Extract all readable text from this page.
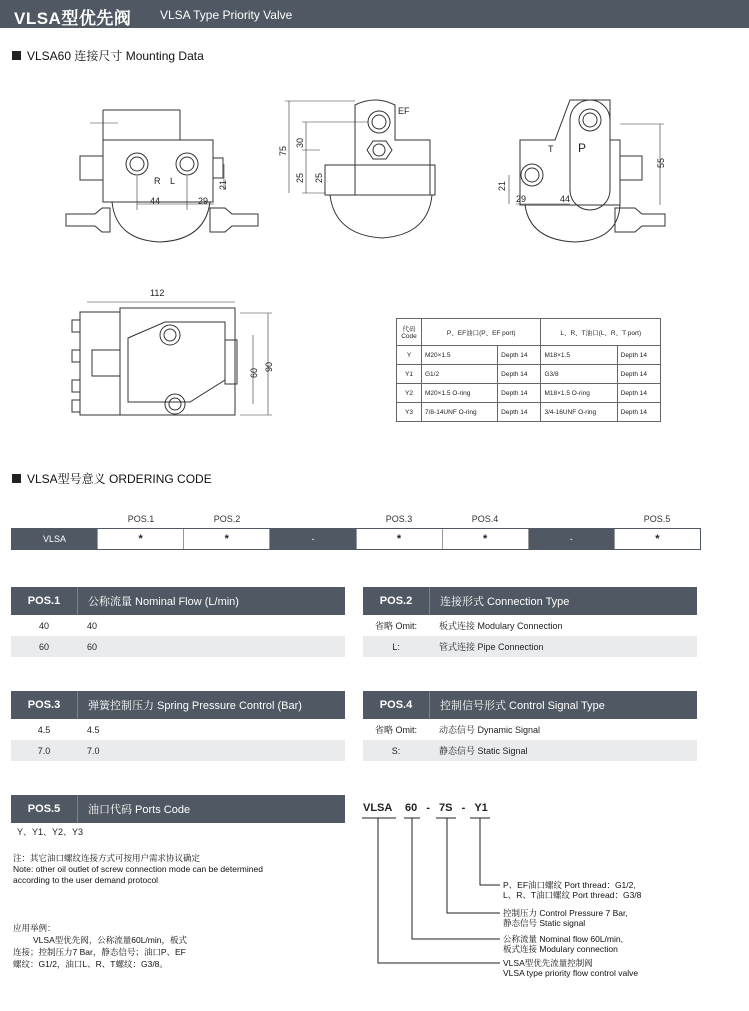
VLSA型优先阀 VLSA Type Priority Valve
VLSA60 连接尺寸 Mounting Data
44	29
21
R L
EF
75
30
25 25
T P
55
21
29	44
112
60
90
代码 Code	P、EF油口(P、EF port)		L、R、T油口(L、R、T port)	
Y	M20×1.5	Depth 14	M18×1.5	Depth 14
Y1	G1/2	Depth 14	G3/8	Depth 14
Y2	M20×1.5 O-ring	Depth 14	M18×1.5 O-ring	Depth 14
Y3	7/8-14UNF O-ring	Depth 14	3/4-16UNF O-ring	Depth 14
VLSA型号意义 ORDERING CODE
POS.1	POS.2	POS.3	POS.4	POS.5
VLSA	*	*	-	*	*	-	*
POS.1	公称流量 Nominal Flow (L/min)
40	40
60	60
POS.2	连接形式 Connection Type
省略 Omit:	板式连接 Modulary Connection
L:	管式连接 Pipe Connection
POS.3	弹簧控制压力 Spring Pressure Control (Bar)
4.5	4.5
7.0	7.0
POS.4	控制信号形式 Control Signal Type
省略 Omit:	动态信号 Dynamic Signal
S:	静态信号 Static Signal
POS.5	油口代码 Ports Code
Y、Y1、Y2、Y3
注：其它油口螺纹连接方式可按用户需求协议确定
Note: other oil outlet of screw connection mode can be determined
according to the user demand protocol
应用举例：
VLSA型优先阀，公称流量60L/min，板式
连接；控制压力7 Bar，静态信号；油口P、EF
螺纹：G1/2，油口L、R、T螺纹：G3/8。
VLSA 60 - 7S - Y1
P、EF油口螺纹 Port thread：G1/2,
L、R、T油口螺纹 Port thread：G3/8
控制压力 Control Pressure 7 Bar,
静态信号 Static signal
公称流量 Nominal flow 60L/min,
板式连接 Modulary connection
VLSA型优先流量控制阀
VLSA type priority flow control valve
